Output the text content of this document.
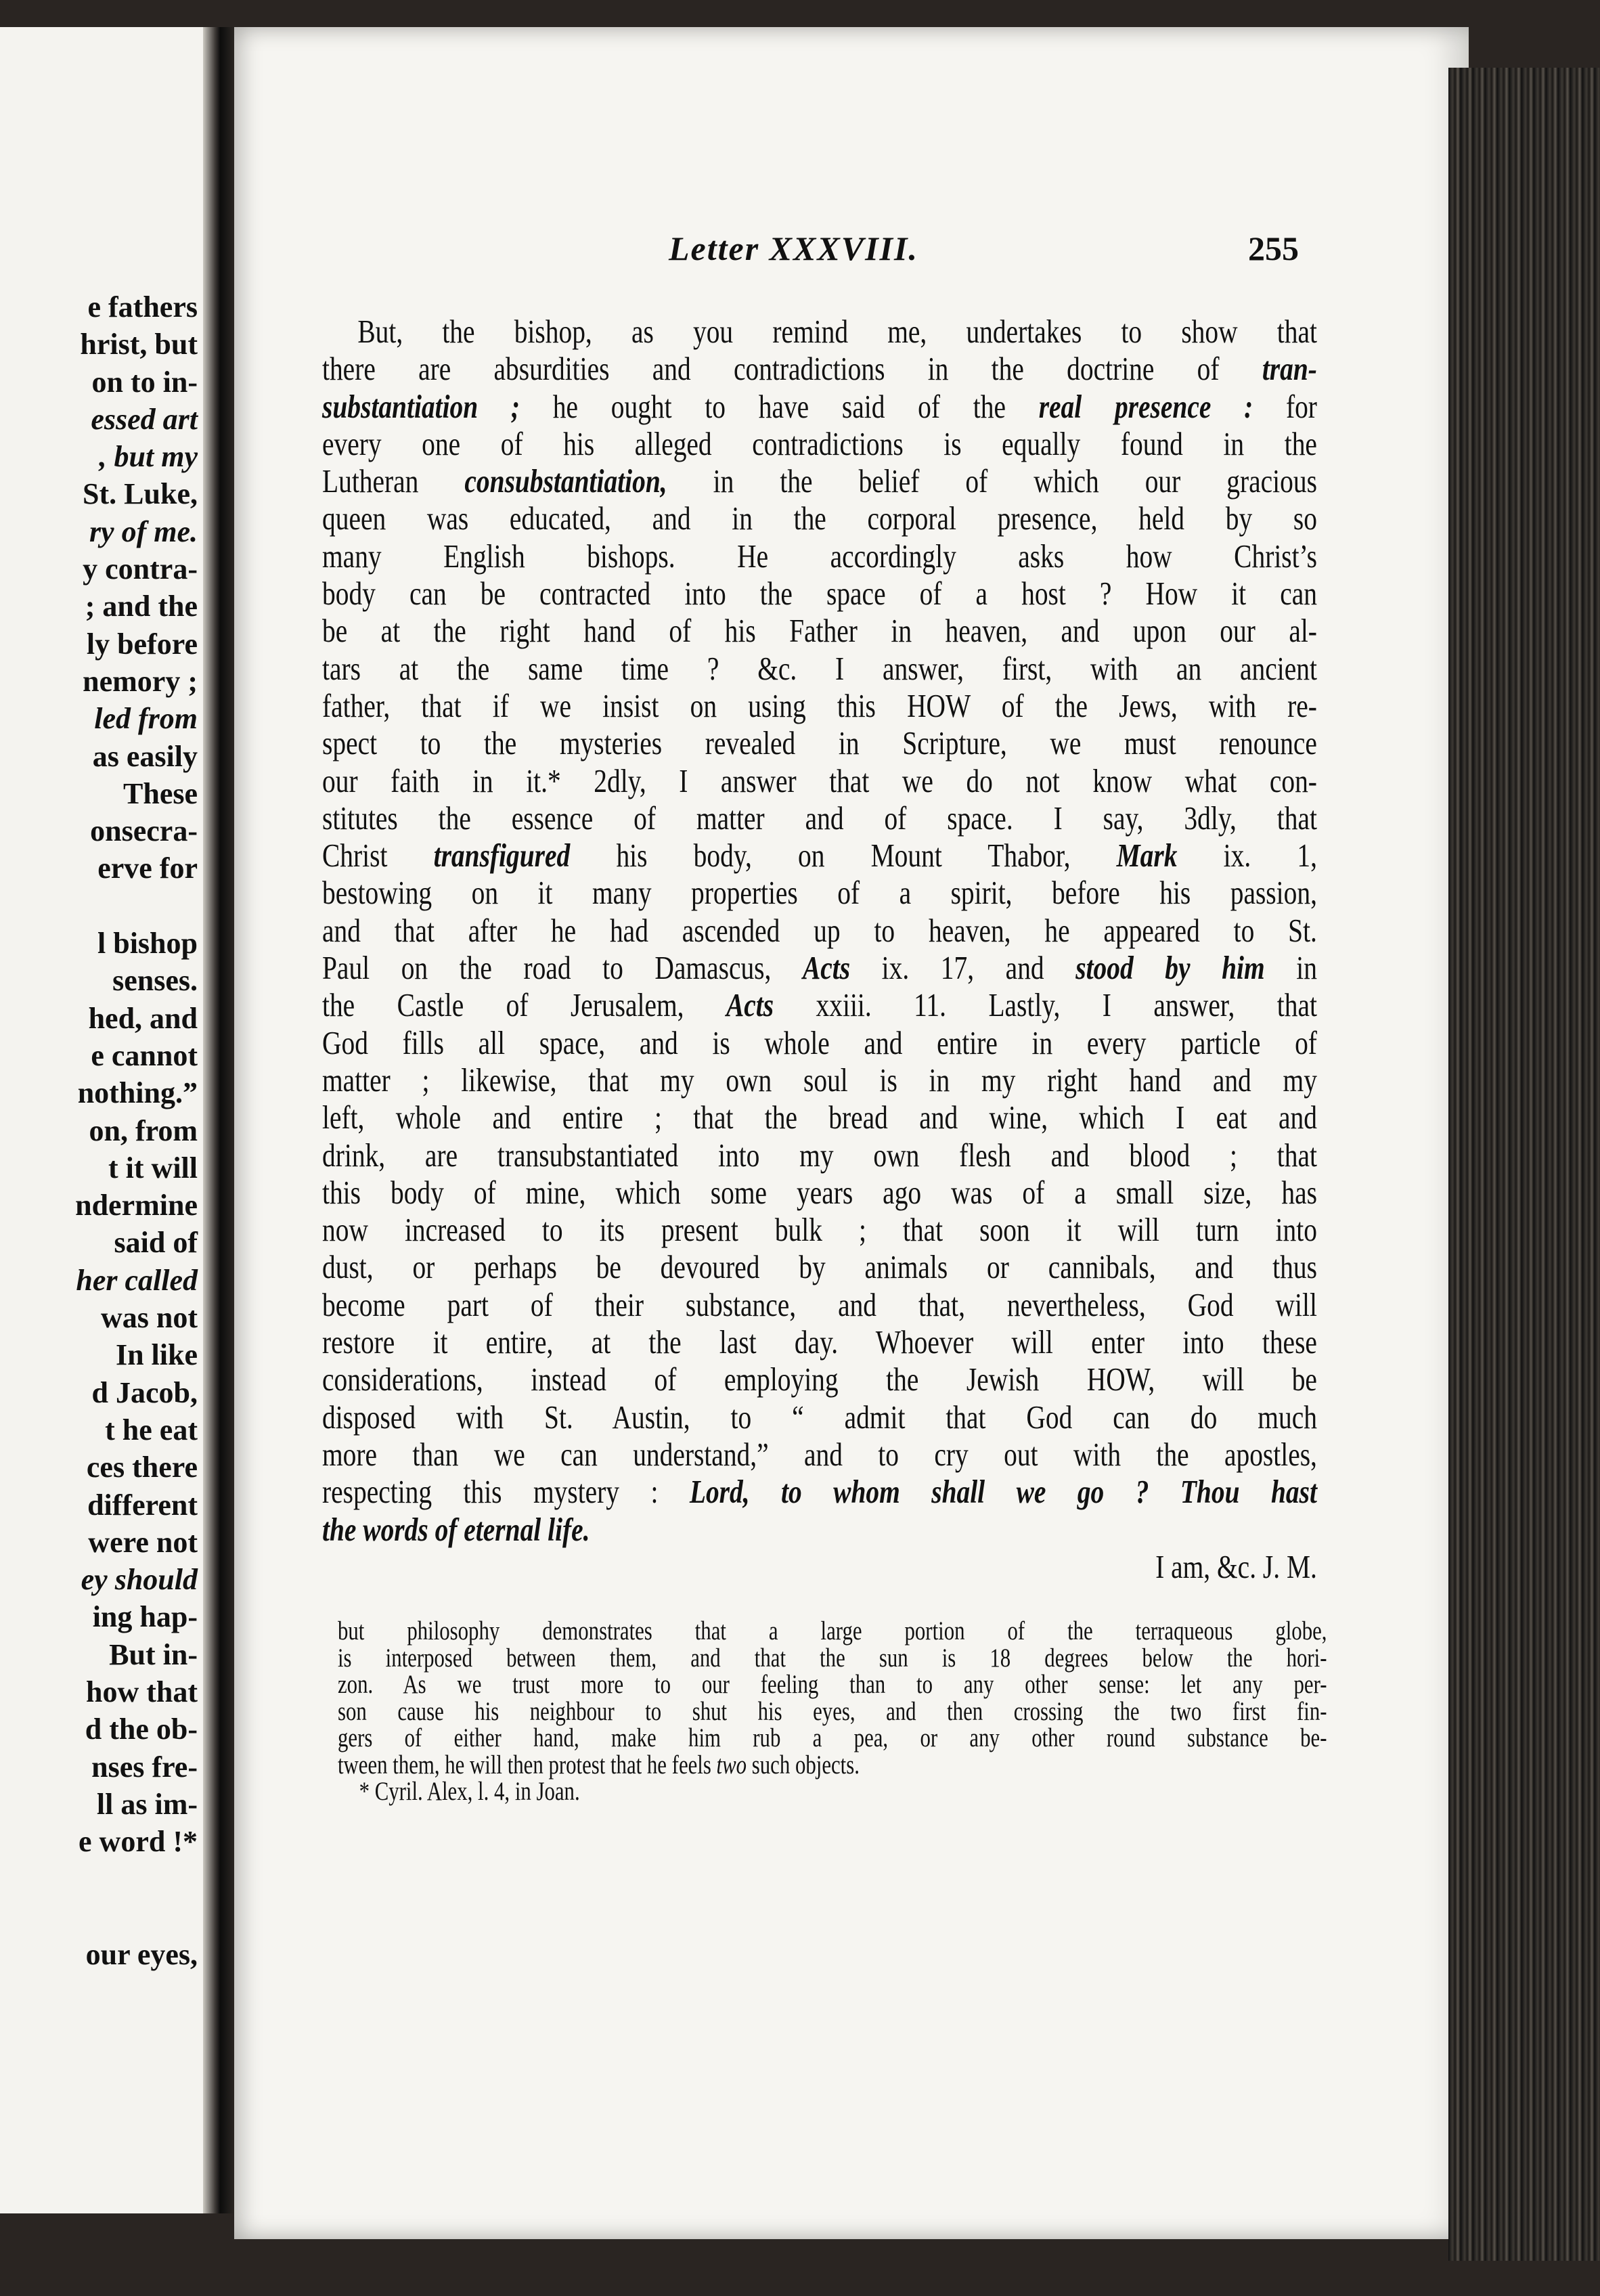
e fathers
hrist, but
on to in-
essed art
, but my
St. Luke,
ry of me.
y contra-
; and the
ly before
nemory ;
led from
as easily
These
onsecra-
erve for
l bishop
senses.
hed, and
e cannot
nothing.”
on, from
t it will
ndermine
said of
her called
was not
In like
d Jacob,
t he eat
ces there
different
were not
ey should
ing hap-
But in-
how that
d the ob-
nses fre-
ll as im-
e word !*
our eyes,
Letter XXXVIII.	255
But, the bishop, as you remind me, undertakes to show that
there are absurdities and contradictions in the doctrine of tran-
substantiation ; he ought to have said of the real presence : for
every one of his alleged contradictions is equally found in the
Lutheran consubstantiation, in the belief of which our gracious
queen was educated, and in the corporal presence, held by so
many English bishops. He accordingly asks how Christ’s
body can be contracted into the space of a host ? How it can
be at the right hand of his Father in heaven, and upon our al-
tars at the same time ? &c. I answer, first, with an ancient
father, that if we insist on using this HOW of the Jews, with re-
spect to the mysteries revealed in Scripture, we must renounce
our faith in it.* 2dly, I answer that we do not know what con-
stitutes the essence of matter and of space. I say, 3dly, that
Christ transfigured his body, on Mount Thabor, Mark ix. 1,
bestowing on it many properties of a spirit, before his passion,
and that after he had ascended up to heaven, he appeared to St.
Paul on the road to Damascus, Acts ix. 17, and stood by him in
the Castle of Jerusalem, Acts xxiii. 11. Lastly, I answer, that
God fills all space, and is whole and entire in every particle of
matter ; likewise, that my own soul is in my right hand and my
left, whole and entire ; that the bread and wine, which I eat and
drink, are transubstantiated into my own flesh and blood ; that
this body of mine, which some years ago was of a small size, has
now increased to its present bulk ; that soon it will turn into
dust, or perhaps be devoured by animals or cannibals, and thus
become part of their substance, and that, nevertheless, God will
restore it entire, at the last day. Whoever will enter into these
considerations, instead of employing the Jewish HOW, will be
disposed with St. Austin, to “ admit that God can do much
more than we can understand,” and to cry out with the apostles,
respecting this mystery : Lord, to whom shall we go ? Thou hast
the words of eternal life.
I am, &c. J. M.
but philosophy demonstrates that a large portion of the terraqueous globe,
is interposed between them, and that the sun is 18 degrees below the hori-
zon. As we trust more to our feeling than to any other sense: let any per-
son cause his neighbour to shut his eyes, and then crossing the two first fin-
gers of either hand, make him rub a pea, or any other round substance be-
tween them, he will then protest that he feels two such objects.
* Cyril. Alex, l. 4, in Joan.
